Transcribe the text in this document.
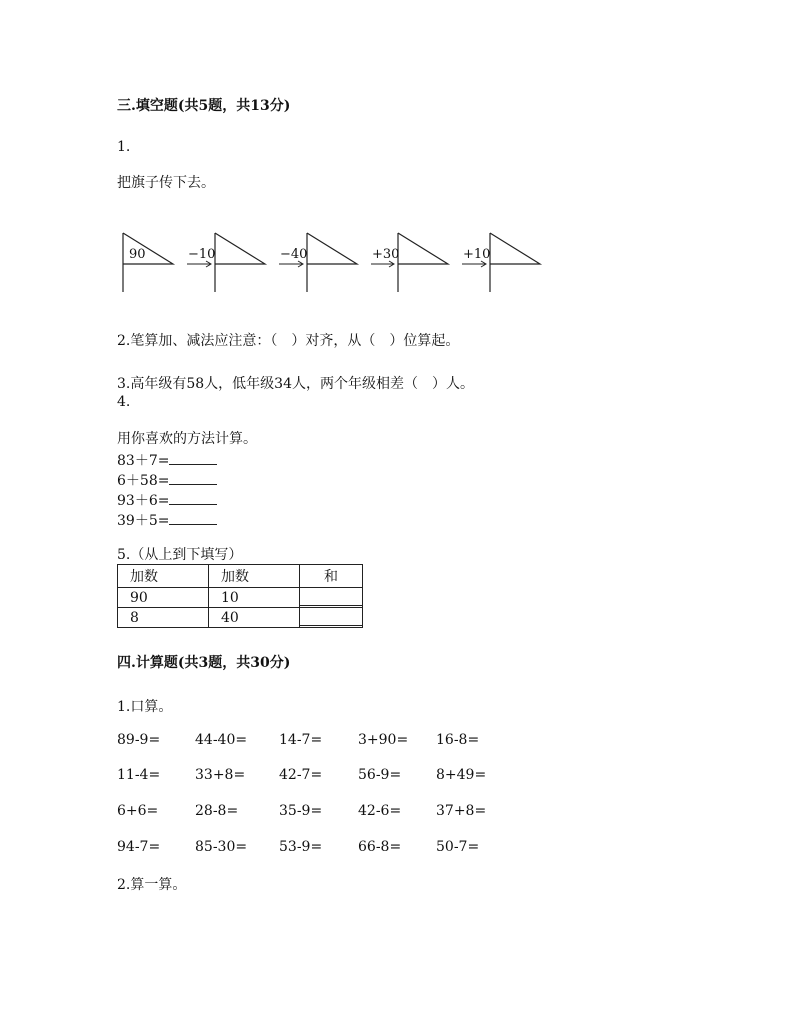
三.填空题(共5题，共13分)
1.
把旗子传下去。
90	−10	−40	+30	+10
2.笔算加、减法应注意：（　）对齐，从（　）位算起。
3.高年级有58人，低年级34人，两个年级相差（　）人。
4.
用你喜欢的方法计算。
83＋7=
6＋58=
93＋6=
39＋5=
5.（从上到下填写）
加数	加数	和
90	10	

8	40	
四.计算题(共3题，共30分)
1.口算。
89-9= 44-40= 14-7=	3+90= 16-8=
11-4= 33+8= 42-7=	56-9= 8+49=
6+6=	28-8=	35-9=	42-6= 37+8=
94-7= 85-30= 53-9=	66-8= 50-7=
2.算一算。
